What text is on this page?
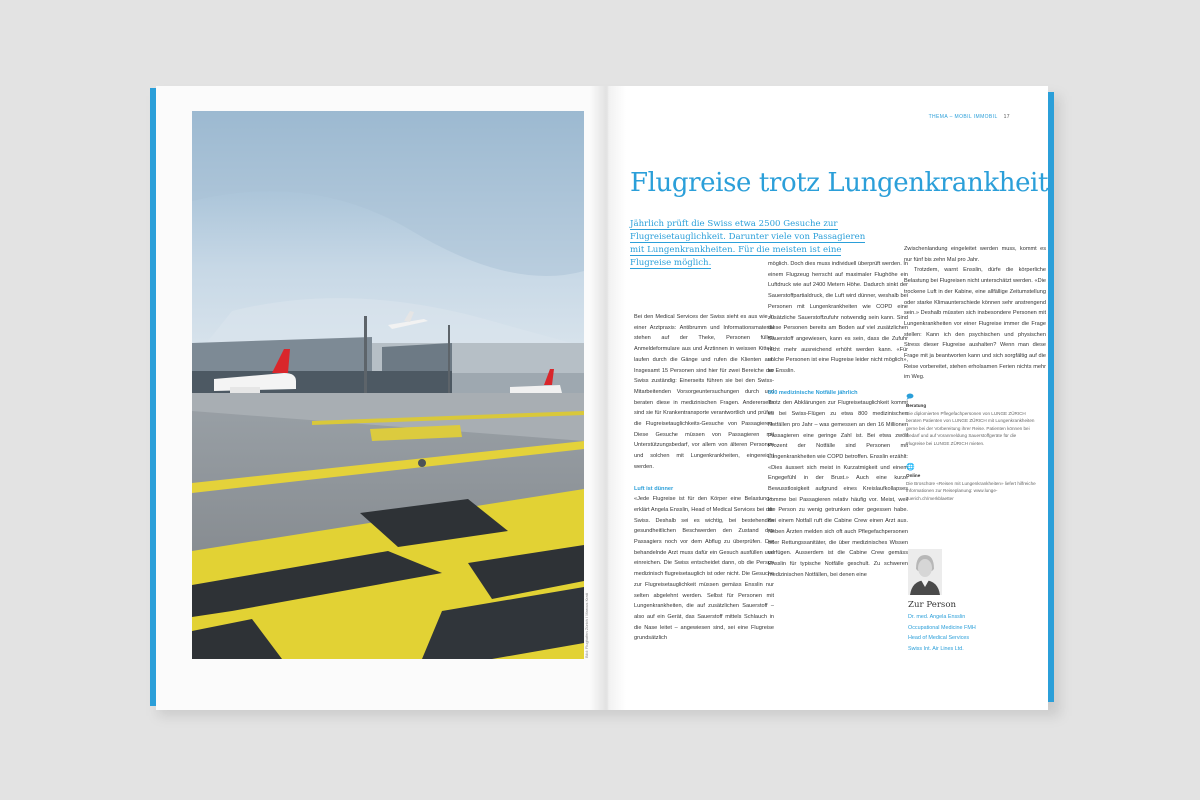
Bild: Flughafen Zürich / Marcus Kratt
THEMA – MOBIL IMMOBIL 17
Flugreise trotz Lungenkrankheit
Jährlich prüft die Swiss etwa 2500 Gesuche zur Flugreisetauglichkeit. Darunter viele von Passagieren mit Lungenkrankheiten. Für die meisten ist eine Flugreise möglich.

Bei den Medical Services der Swiss sieht es aus wie in einer Arztpraxis: Antibrumm und Informationsmaterial stehen auf der Theke, Personen füllen Anmeldeformulare aus und Ärztinnen in weissen Kitteln laufen durch die Gänge und rufen die Klienten auf. Insgesamt 15 Personen sind hier für zwei Bereiche der Swiss zuständig: Einerseits führen sie bei den Swiss-Mitarbeitenden Vorsorgeuntersuchungen durch und beraten diese in medizinischen Fragen. Andererseits sind sie für Krankentransporte verantwortlich und prüfen die Flugreisetauglichkeits-Gesuche von Passagieren. Diese Gesuche müssen von Passagieren mit Unterstützungsbedarf, vor allem von älteren Personen und solchen mit Lungenkrankheiten, eingereicht werden.

Luft ist dünner

«Jede Flugreise ist für den Körper eine Belastung», erklärt Angela Ensslin, Head of Medical Services bei der Swiss. Deshalb sei es wichtig, bei bestehenden gesundheitlichen Beschwerden den Zustand des Passagiers noch vor dem Abflug zu überprüfen. Der behandelnde Arzt muss dafür ein Gesuch ausfüllen und einreichen. Die Swiss entscheidet dann, ob die Person medizinisch flugreisetauglich ist oder nicht. Die Gesuche zur Flugreisetauglichkeit müssen gemäss Ensslin nur selten abgelehnt werden. Selbst für Personen mit Lungenkrankheiten, die auf zusätzlichen Sauerstoff – also auf ein Gerät, das Sauerstoff mittels Schlauch in die Nase leitet – angewiesen sind, sei eine Flugreise grundsätzlich

möglich. Doch dies muss individuell überprüft werden. In einem Flugzeug herrscht auf maximaler Flughöhe ein Luftdruck wie auf 2400 Metern Höhe. Dadurch sinkt der Sauerstoffpartialdruck, die Luft wird dünner, weshalb bei Personen mit Lungenkrankheiten wie COPD eine zusätzliche Sauerstoffzufuhr notwendig sein kann. Sind diese Personen bereits am Boden auf viel zusätzlichen Sauerstoff angewiesen, kann es sein, dass die Zufuhr nicht mehr ausreichend erhöht werden kann. «Für solche Personen ist eine Flugreise leider nicht möglich», so Ensslin.

800 medizinische Notfälle jährlich

Trotz den Abklärungen zur Flugreisetauglichkeit kommt es bei Swiss-Flügen zu etwa 800 medizinischen Notfällen pro Jahr – was gemessen an den 16 Millionen Passagieren eine geringe Zahl ist. Bei etwa zwölf Prozent der Notfälle sind Personen mit Lungenkrankheiten wie COPD betroffen. Ensslin erzählt: «Dies äussert sich meist in Kurzatmigkeit und einem Engegefühl in der Brust.» Auch eine kurze Bewusstlosigkeit aufgrund eines Kreislaufkollapses komme bei Passagieren relativ häufig vor. Meist, weil die Person zu wenig getrunken oder gegessen habe. Bei einem Notfall ruft die Cabine Crew einen Arzt aus. Neben Ärzten melden sich oft auch Pflegefachpersonen oder Rettungssanitäter, die über medizinisches Wissen verfügen. Ausserdem ist die Cabine Crew gemäss Ensslin für typische Notfälle geschult. Zu schweren medizinischen Notfällen, bei denen eine

Zwischenlandung eingeleitet werden muss, kommt es nur fünf bis zehn Mal pro Jahr.

Trotzdem, warnt Ensslin, dürfe die körperliche Belastung bei Flugreisen nicht unterschätzt werden. «Die trockene Luft in der Kabine, eine allfällige Zeitumstellung oder starke Klimaunterschiede können sehr anstrengend sein.» Deshalb müssten sich insbesondere Personen mit Lungenkrankheiten vor einer Flugreise immer die Frage stellen: Kann ich den psychischen und physischen Stress dieser Flugreise aushalten? Wenn man diese Frage mit ja beantworten kann und sich sorgfältig auf die Reise vorbereitet, stehen erholsamen Ferien nichts mehr im Weg.

🗩
Beratung
Die diplomierten Pflegefachpersonen von LUNGE ZÜRICH beraten Patienten von LUNGE ZÜRICH mit Lungenkrankheiten gerne bei der Vorbereitung ihrer Reise. Patienten können bei Bedarf und auf Voranmeldung Sauerstoffgeräte für die Flugreise bei LUNGE ZÜRICH mieten.
🌐
Online
Die Broschüre «Reisen mit Lungenkrankheiten» liefert hilfreiche Informationen zur Reiseplanung: www.lunge-zuerich.ch/merkblaetter
Zur Person
Dr. med. Angela Ensslin
Occupational Medicine FMH
Head of Medical Services
Swiss Int. Air Lines Ltd.
